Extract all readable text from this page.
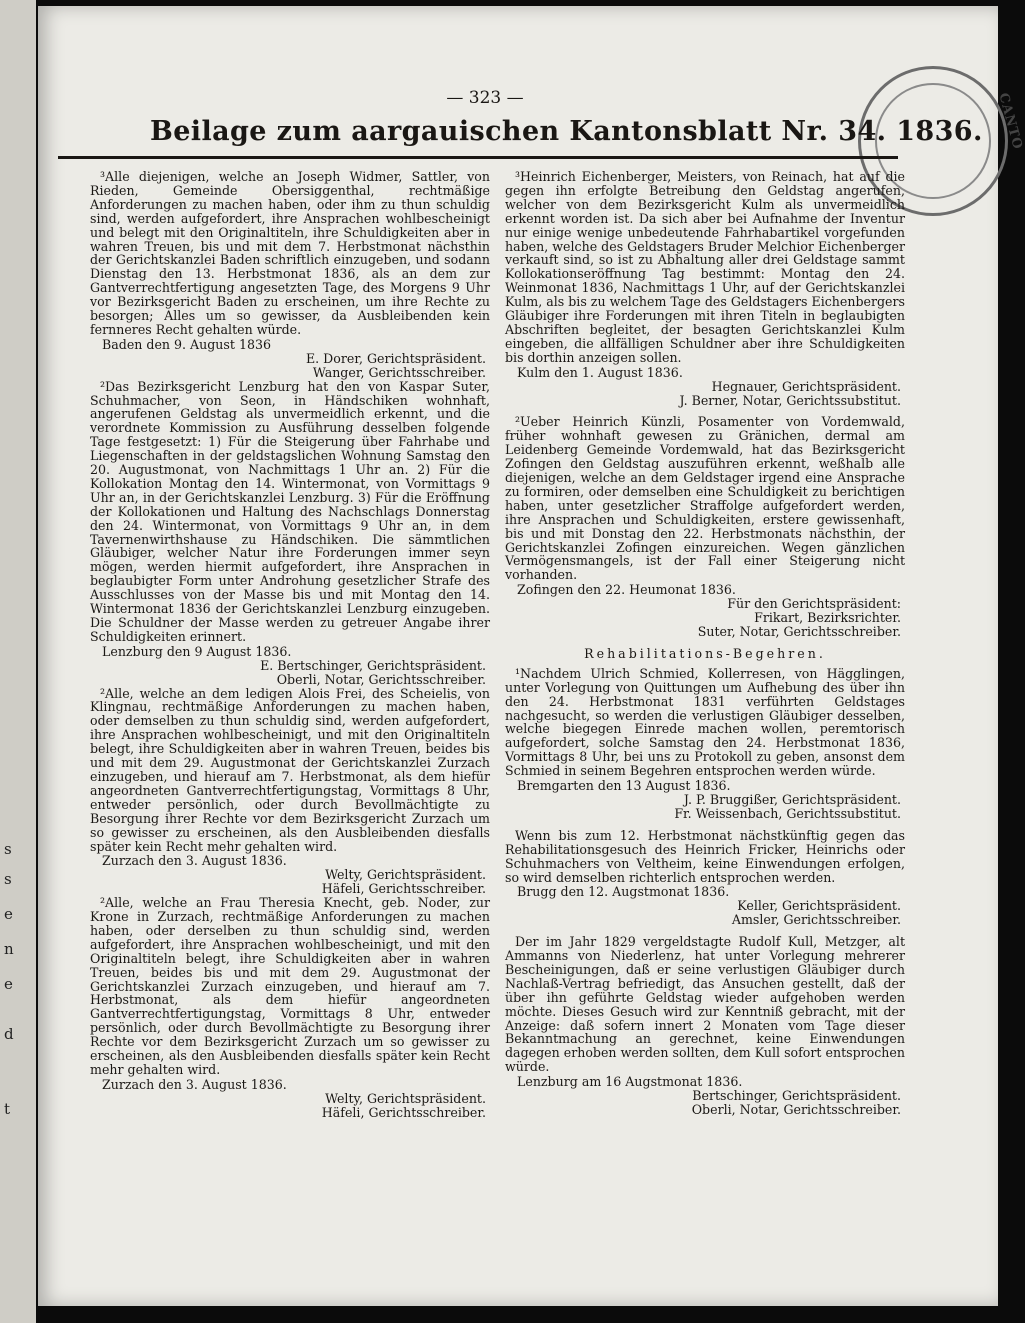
s
s
e
n
e
d
t
CANTO
— 323 —
Beilage zum aargauischen Kantonsblatt Nr. 34. 1836.

³Alle diejenigen, welche an Joseph Widmer, Sattler, von Rieden, Gemeinde Obersiggenthal, rechtmäßige Anforderungen zu machen haben, oder ihm zu thun schuldig sind, werden aufgefordert, ihre Ansprachen wohlbescheinigt und belegt mit den Originaltiteln, ihre Schuldigkeiten aber in wahren Treuen, bis und mit dem 7. Herbstmonat nächsthin der Gerichtskanzlei Baden schriftlich einzugeben, und sodann Dienstag den 13. Herbstmonat 1836, als an dem zur Gantverrechtfertigung angesetzten Tage, des Morgens 9 Uhr vor Bezirksgericht Baden zu erscheinen, um ihre Rechte zu besorgen; Alles um so gewisser, da Ausbleibenden kein fernneres Recht gehalten würde.

Baden den 9. August 1836

E. Dorer, Gerichtspräsident.

Wanger, Gerichtsschreiber.

²Das Bezirksgericht Lenzburg hat den von Kaspar Suter, Schuhmacher, von Seon, in Händschiken wohnhaft, angerufenen Geldstag als unvermeidlich erkennt, und die verordnete Kommission zu Ausführung desselben folgende Tage festgesetzt: 1) Für die Steigerung über Fahrhabe und Liegenschaften in der geldstagslichen Wohnung Samstag den 20. Augustmonat, von Nachmittags 1 Uhr an. 2) Für die Kollokation Montag den 14. Wintermonat, von Vormittags 9 Uhr an, in der Gerichtskanzlei Lenzburg. 3) Für die Eröffnung der Kollokationen und Haltung des Nachschlags Donnerstag den 24. Wintermonat, von Vormittags 9 Uhr an, in dem Tavernenwirthshause zu Händschiken. Die sämmtlichen Gläubiger, welcher Natur ihre Forderungen immer seyn mögen, werden hiermit aufgefordert, ihre Ansprachen in beglaubigter Form unter Androhung gesetzlicher Strafe des Ausschlusses von der Masse bis und mit Montag den 14. Wintermonat 1836 der Gerichtskanzlei Lenzburg einzugeben. Die Schuldner der Masse werden zu getreuer Angabe ihrer Schuldigkeiten erinnert.

Lenzburg den 9 August 1836.

E. Bertschinger, Gerichtspräsident.

Oberli, Notar, Gerichtsschreiber.

²Alle, welche an dem ledigen Alois Frei, des Scheielis, von Klingnau, rechtmäßige Anforderungen zu machen haben, oder demselben zu thun schuldig sind, werden aufgefordert, ihre Ansprachen wohlbescheinigt, und mit den Originaltiteln belegt, ihre Schuldigkeiten aber in wahren Treuen, beides bis und mit dem 29. Augustmonat der Gerichtskanzlei Zurzach einzugeben, und hierauf am 7. Herbstmonat, als dem hiefür angeordneten Gantverrechtfertigungstag, Vormittags 8 Uhr, entweder persönlich, oder durch Bevollmächtigte zu Besorgung ihrer Rechte vor dem Bezirksgericht Zurzach um so gewisser zu erscheinen, als den Ausbleibenden diesfalls später kein Recht mehr gehalten wird.

Zurzach den 3. August 1836.

Welty, Gerichtspräsident.

Häfeli, Gerichtsschreiber.

²Alle, welche an Frau Theresia Knecht, geb. Noder, zur Krone in Zurzach, rechtmäßige Anforderungen zu machen haben, oder derselben zu thun schuldig sind, werden aufgefordert, ihre Ansprachen wohlbescheinigt, und mit den Originaltiteln belegt, ihre Schuldigkeiten aber in wahren Treuen, beides bis und mit dem 29. Augustmonat der Gerichtskanzlei Zurzach einzugeben, und hierauf am 7. Herbstmonat, als dem hiefür angeordneten Gantverrechtfertigungstag, Vormittags 8 Uhr, entweder persönlich, oder durch Bevollmächtigte zu Besorgung ihrer Rechte vor dem Bezirksgericht Zurzach um so gewisser zu erscheinen, als den Ausbleibenden diesfalls später kein Recht mehr gehalten wird.

Zurzach den 3. August 1836.

Welty, Gerichtspräsident.

Häfeli, Gerichtsschreiber.

³Heinrich Eichenberger, Meisters, von Reinach, hat auf die gegen ihn erfolgte Betreibung den Geldstag angerufen, welcher von dem Bezirksgericht Kulm als unvermeidlich erkennt worden ist. Da sich aber bei Aufnahme der Inventur nur einige wenige unbedeutende Fahrhabartikel vorgefunden haben, welche des Geldstagers Bruder Melchior Eichenberger verkauft sind, so ist zu Abhaltung aller drei Geldstage sammt Kollokationseröffnung Tag bestimmt: Montag den 24. Weinmonat 1836, Nachmittags 1 Uhr, auf der Gerichtskanzlei Kulm, als bis zu welchem Tage des Geldstagers Eichenbergers Gläubiger ihre Forderungen mit ihren Titeln in beglaubigten Abschriften begleitet, der besagten Gerichtskanzlei Kulm eingeben, die allfälligen Schuldner aber ihre Schuldigkeiten bis dorthin anzeigen sollen.

Kulm den 1. August 1836.

Hegnauer, Gerichtspräsident.

J. Berner, Notar, Gerichtssubstitut.

²Ueber Heinrich Künzli, Posamenter von Vordemwald, früher wohnhaft gewesen zu Gränichen, dermal am Leidenberg Gemeinde Vordemwald, hat das Bezirksgericht Zofingen den Geldstag auszuführen erkennt, weßhalb alle diejenigen, welche an dem Geldstager irgend eine Ansprache zu formiren, oder demselben eine Schuldigkeit zu berichtigen haben, unter gesetzlicher Straffolge aufgefordert werden, ihre Ansprachen und Schuldigkeiten, erstere gewissenhaft, bis und mit Donstag den 22. Herbstmonats nächsthin, der Gerichtskanzlei Zofingen einzureichen. Wegen gänzlichen Vermögensmangels, ist der Fall einer Steigerung nicht vorhanden.

Zofingen den 22. Heumonat 1836.

Für den Gerichtspräsident:

Frikart, Bezirksrichter.

Suter, Notar, Gerichtsschreiber.

Rehabilitations-Begehren.

¹Nachdem Ulrich Schmied, Kollerresen, von Hägglingen, unter Vorlegung von Quittungen um Aufhebung des über ihn den 24. Herbstmonat 1831 verführten Geldstages nachgesucht, so werden die verlustigen Gläubiger desselben, welche biegegen Einrede machen wollen, peremtorisch aufgefordert, solche Samstag den 24. Herbstmonat 1836, Vormittags 8 Uhr, bei uns zu Protokoll zu geben, ansonst dem Schmied in seinem Begehren entsprochen werden würde.

Bremgarten den 13 August 1836.

J. P. Bruggißer, Gerichtspräsident.

Fr. Weissenbach, Gerichtssubstitut.

Wenn bis zum 12. Herbstmonat nächstkünftig gegen das Rehabilitationsgesuch des Heinrich Fricker, Heinrichs oder Schuhmachers von Veltheim, keine Einwendungen erfolgen, so wird demselben richterlich entsprochen werden.

Brugg den 12. Augstmonat 1836.

Keller, Gerichtspräsident.

Amsler, Gerichtsschreiber.

Der im Jahr 1829 vergeldstagte Rudolf Kull, Metzger, alt Ammanns von Niederlenz, hat unter Vorlegung mehrerer Bescheinigungen, daß er seine verlustigen Gläubiger durch Nachlaß-Vertrag befriedigt, das Ansuchen gestellt, daß der über ihn geführte Geldstag wieder aufgehoben werden möchte. Dieses Gesuch wird zur Kenntniß gebracht, mit der Anzeige: daß sofern innert 2 Monaten vom Tage dieser Bekanntmachung an gerechnet, keine Einwendungen dagegen erhoben werden sollten, dem Kull sofort entsprochen würde.

Lenzburg am 16 Augstmonat 1836.

Bertschinger, Gerichtspräsident.

Oberli, Notar, Gerichtsschreiber.
